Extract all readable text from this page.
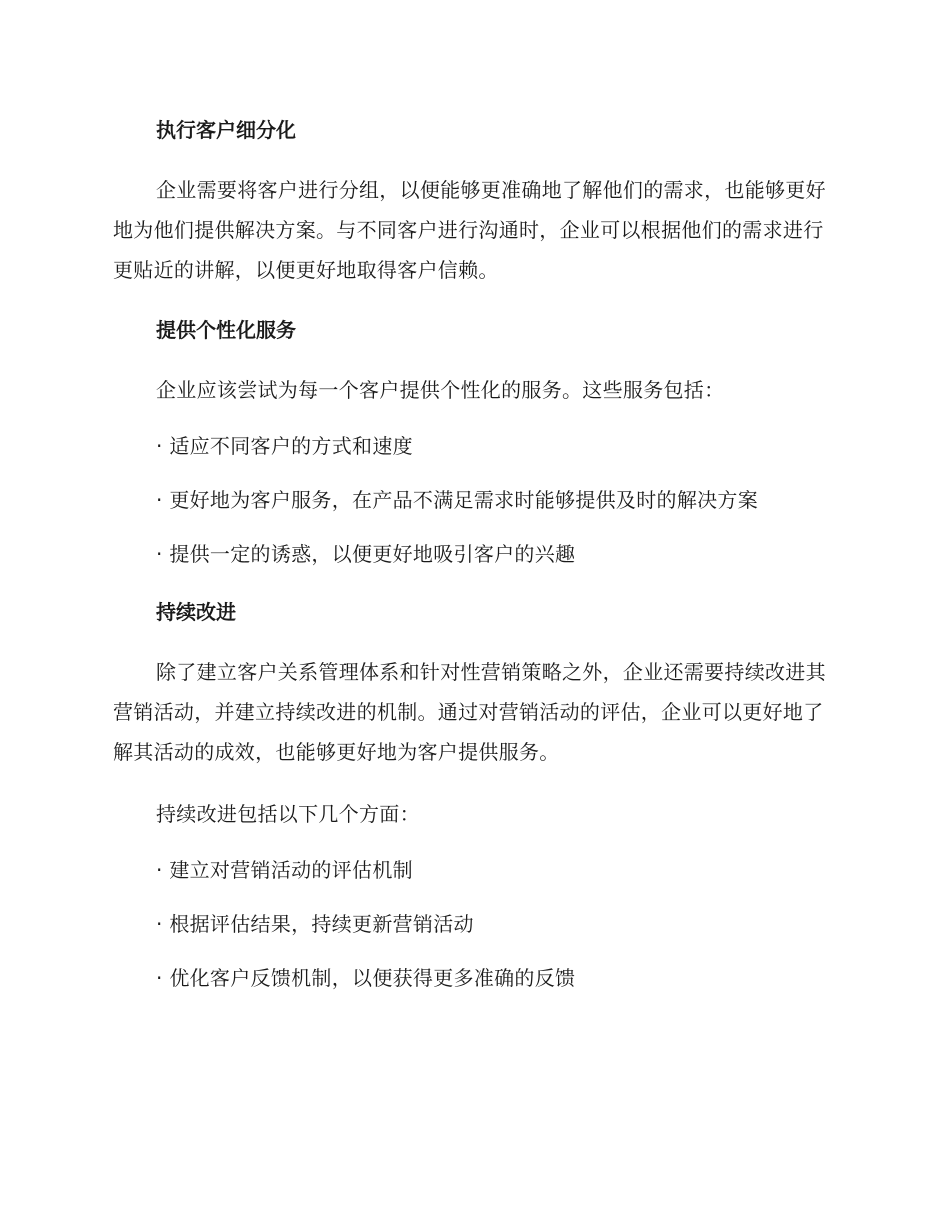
执行客户细分化

企业需要将客户进行分组，以便能够更准确地了解他们的需求，也能够更好地为他们提供解决方案。与不同客户进行沟通时，企业可以根据他们的需求进行更贴近的讲解，以便更好地取得客户信赖。

提供个性化服务

企业应该尝试为每一个客户提供个性化的服务。这些服务包括：

· 适应不同客户的方式和速度

· 更好地为客户服务，在产品不满足需求时能够提供及时的解决方案

· 提供一定的诱惑，以便更好地吸引客户的兴趣

持续改进

除了建立客户关系管理体系和针对性营销策略之外，企业还需要持续改进其营销活动，并建立持续改进的机制。通过对营销活动的评估，企业可以更好地了解其活动的成效，也能够更好地为客户提供服务。

持续改进包括以下几个方面：

· 建立对营销活动的评估机制

· 根据评估结果，持续更新营销活动

· 优化客户反馈机制，以便获得更多准确的反馈
